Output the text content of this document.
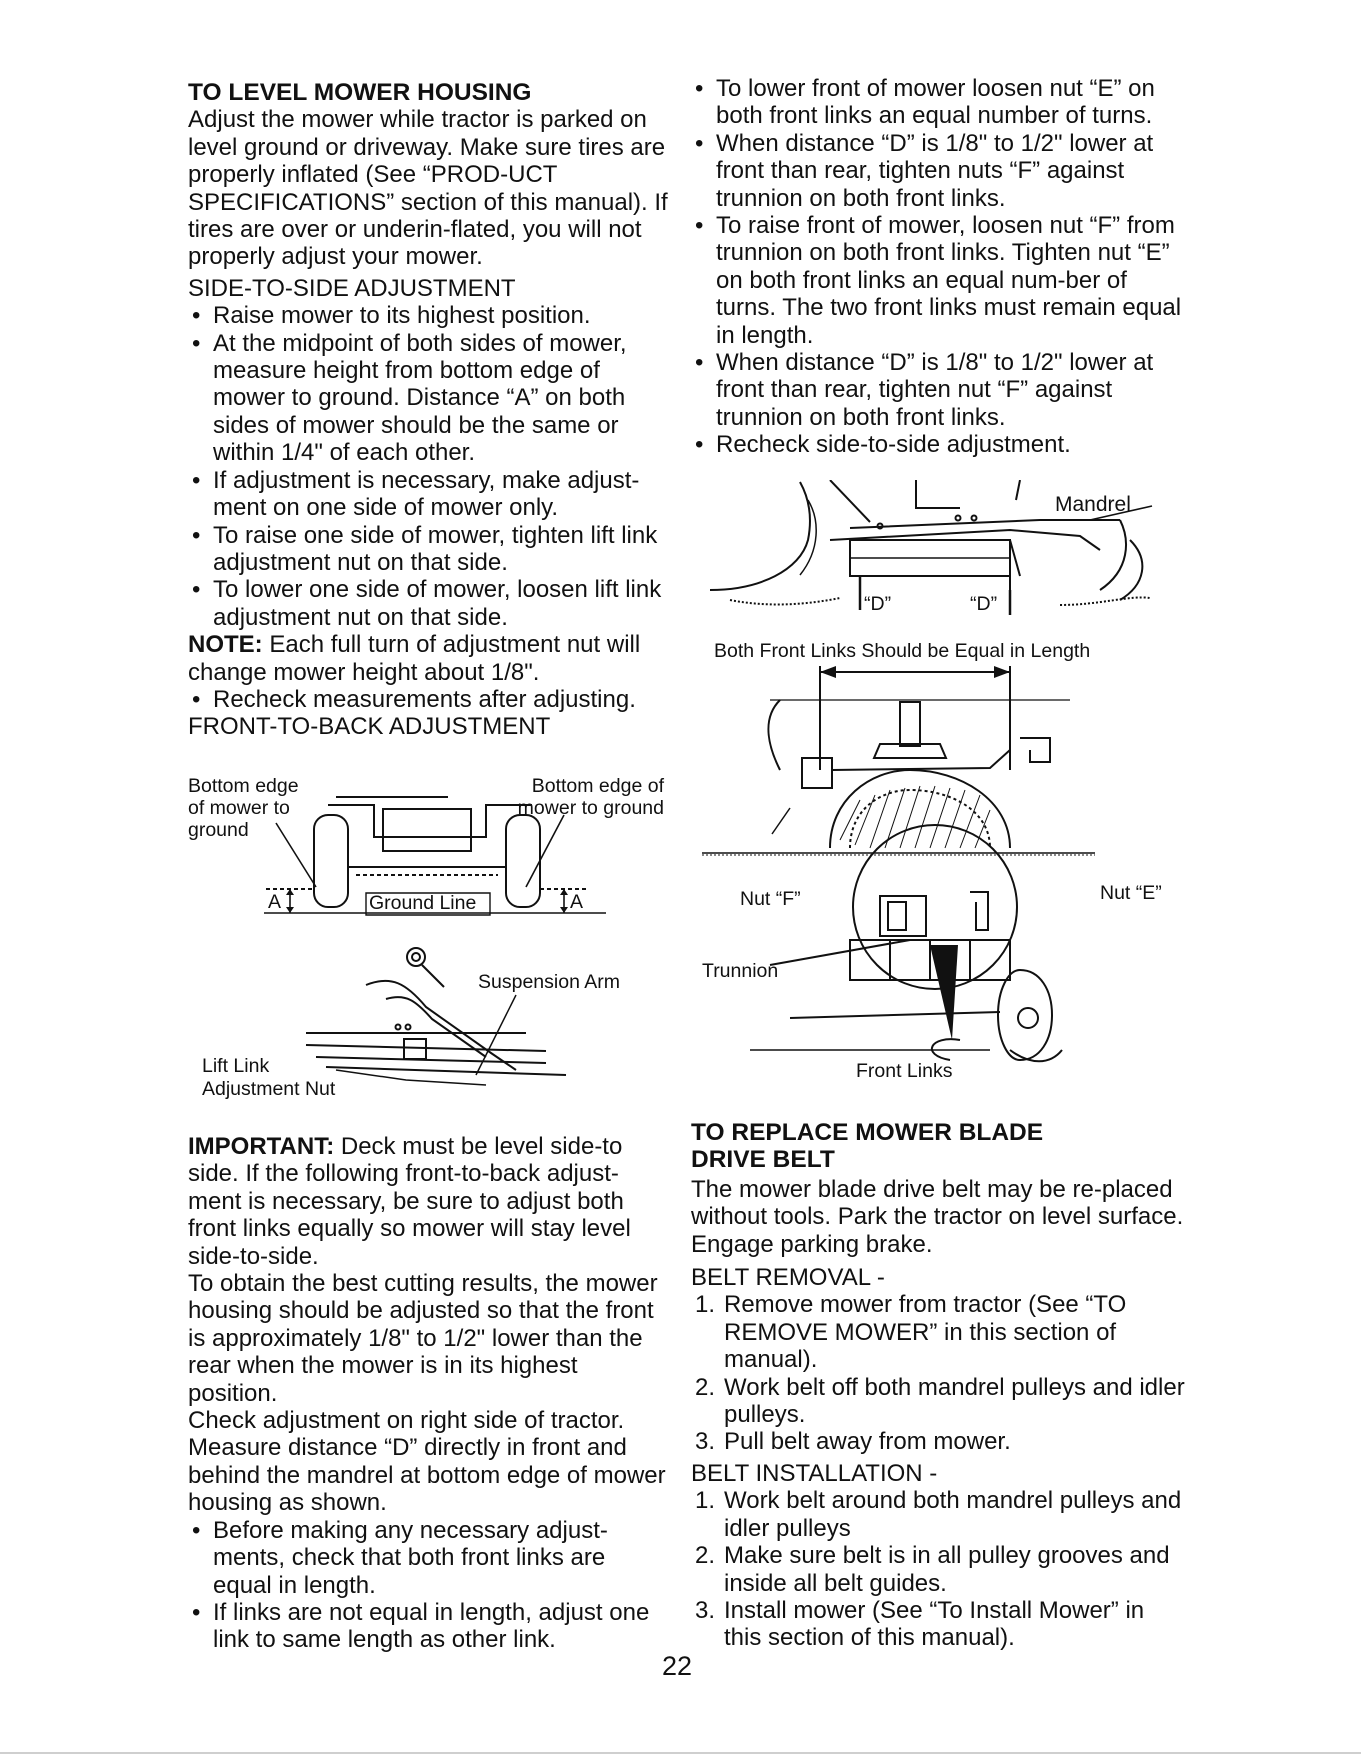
TO LEVEL MOWER HOUSING

Adjust the mower while tractor is parked on level ground or driveway. Make sure tires are properly inflated (See “PROD-UCT SPECIFICATIONS” section of this manual). If tires are over or underin-flated, you will not properly adjust your mower.

SIDE-TO-SIDE ADJUSTMENT

• Raise mower to its highest position.
• At the midpoint of both sides of mower, measure height from bottom edge of mower to ground. Distance “A” on both sides of mower should be the same or within 1/4" of each other.
• If adjustment is necessary, make adjust-ment on one side of mower only.
• To raise one side of mower, tighten lift link adjustment nut on that side.
• To lower one side of mower, loosen lift link adjustment nut on that side.

NOTE: Each full turn of adjustment nut will change mower height about 1/8".

• Recheck measurements after adjusting.

FRONT-TO-BACK ADJUSTMENT

Bottom edge of mower to ground
Bottom edge of mower to ground
A	Ground Line	A
Suspension Arm
Lift Link
Adjustment Nut

IMPORTANT: Deck must be level side-to side. If the following front-to-back adjust-ment is necessary, be sure to adjust both front links equally so mower will stay level side-to-side.

To obtain the best cutting results, the mower housing should be adjusted so that the front is approximately 1/8" to 1/2" lower than the rear when the mower is in its highest position.

Check adjustment on right side of tractor. Measure distance “D” directly in front and behind the mandrel at bottom edge of mower housing as shown.

• Before making any necessary adjust-ments, check that both front links are equal in length.
• If links are not equal in length, adjust one link to same length as other link.
• To lower front of mower loosen nut “E” on both front links an equal number of turns.
• When distance “D” is 1/8" to 1/2" lower at front than rear, tighten nuts “F” against trunnion on both front links.
• To raise front of mower, loosen nut “F” from trunnion on both front links. Tighten nut “E” on both front links an equal num-ber of turns. The two front links must remain equal in length.
• When distance “D” is 1/8" to 1/2" lower at front than rear, tighten nut “F” against trunnion on both front links.
• Recheck side-to-side adjustment.
Mandrel
“D”	“D”
Both Front Links Should be Equal in Length
Nut “F”	Nut “E”
Trunnion
Front Links

TO REPLACE MOWER BLADE DRIVE BELT

The mower blade drive belt may be re-placed without tools. Park the tractor on level surface. Engage parking brake.

BELT REMOVAL -

1. Remove mower from tractor (See “TO REMOVE MOWER” in this section of manual).
2. Work belt off both mandrel pulleys and idler pulleys.
3. Pull belt away from mower.

BELT INSTALLATION -

1. Work belt around both mandrel pulleys and idler pulleys
2. Make sure belt is in all pulley grooves and inside all belt guides.
3. Install mower (See “To Install Mower” in this section of this manual).
22
